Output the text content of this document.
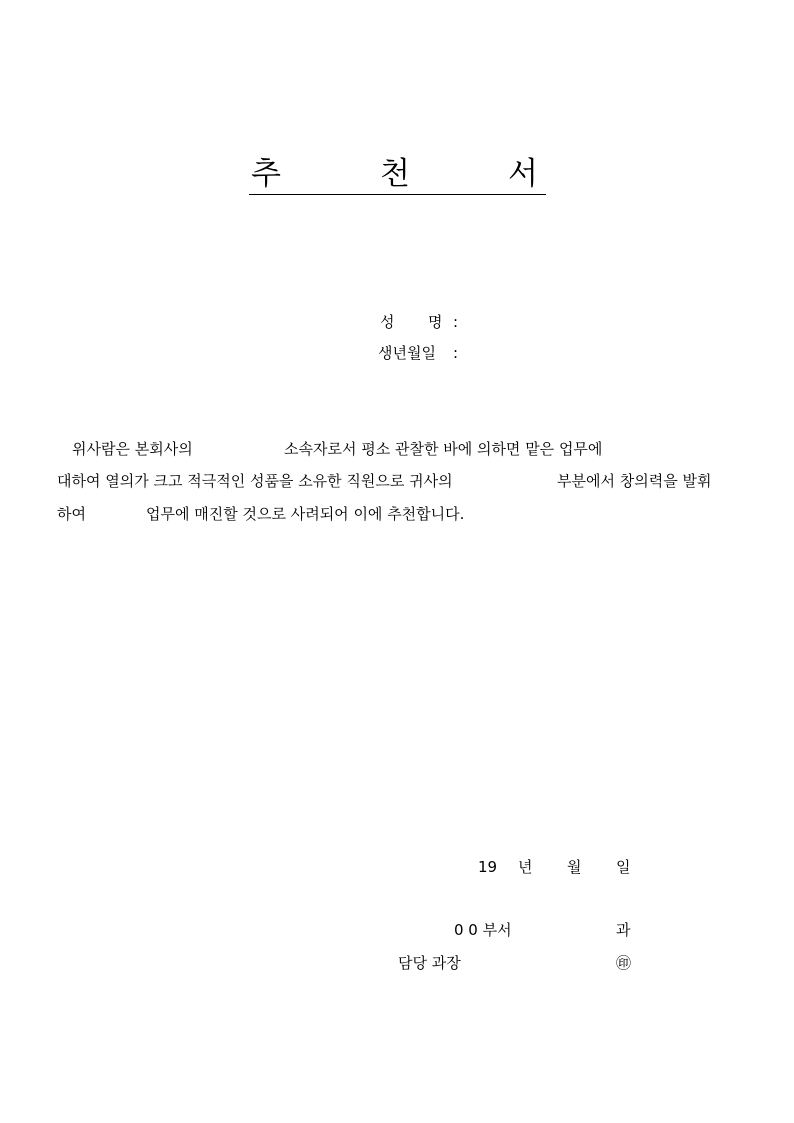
추	천	서
성 명 :
생년월일 :
위사람은 본회사의	소속자로서 평소 관찰한 바에 의하면 맡은 업무에
대하여 열의가 크고 적극적인 성품을 소유한 직원으로 귀사의	부분에서 창의력을 발휘
하여	업무에 매진할 것으로 사려되어 이에 추천합니다.
19 년 월 일
0 0 부서	과
담당 과장	㊞
